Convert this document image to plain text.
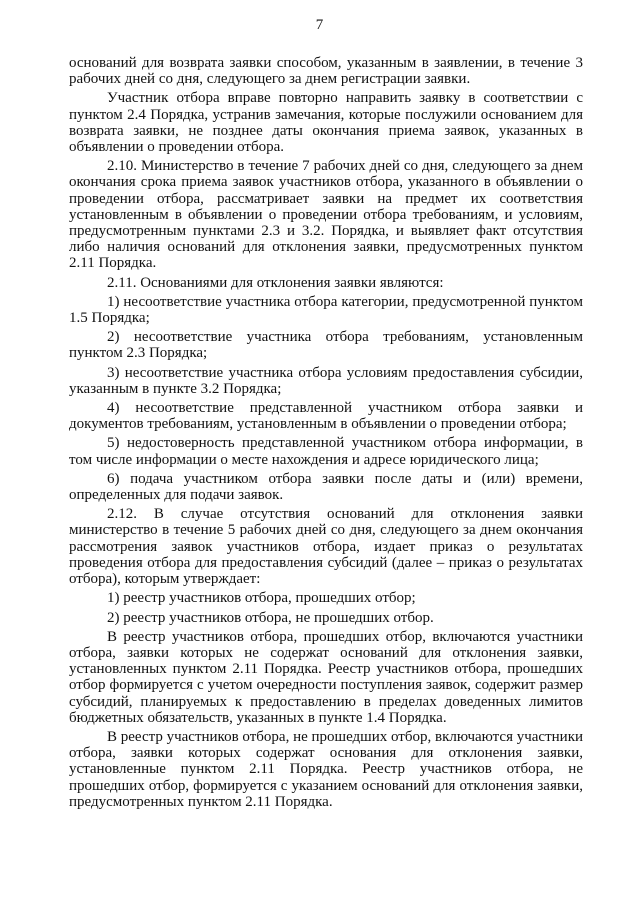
7

оснований для возврата заявки способом, указанным в заявлении, в течение 3 рабочих дней со дня, следующего за днем регистрации заявки.

Участник отбора вправе повторно направить заявку в соответствии с пунктом 2.4 Порядка, устранив замечания, которые послужили основанием для возврата заявки, не позднее даты окончания приема заявок, указанных в объявлении о проведении отбора.

2.10. Министерство в течение 7 рабочих дней со дня, следующего за днем окончания срока приема заявок участников отбора, указанного в объявлении о проведении отбора, рассматривает заявки на предмет их соответствия установленным в объявлении о проведении отбора требованиям, и условиям, предусмотренным пунктами 2.3 и 3.2. Порядка, и выявляет факт отсутствия либо наличия оснований для отклонения заявки, предусмотренных пунктом 2.11 Порядка.

2.11. Основаниями для отклонения заявки являются:

1) несоответствие участника отбора категории, предусмотренной пунктом 1.5 Порядка;

2) несоответствие участника отбора требованиям, установленным пунктом 2.3 Порядка;

3) несоответствие участника отбора условиям предоставления субсидии, указанным в пункте 3.2 Порядка;

4) несоответствие представленной участником отбора заявки и документов требованиям, установленным в объявлении о проведении отбора;

5) недостоверность представленной участником отбора информации, в том числе информации о месте нахождения и адресе юридического лица;

6) подача участником отбора заявки после даты и (или) времени, определенных для подачи заявок.

2.12. В случае отсутствия оснований для отклонения заявки министерство в течение 5 рабочих дней со дня, следующего за днем окончания рассмотрения заявок участников отбора, издает приказ о результатах проведения отбора для предоставления субсидий (далее – приказ о результатах отбора), которым утверждает:

1) реестр участников отбора, прошедших отбор;

2) реестр участников отбора, не прошедших отбор.

В реестр участников отбора, прошедших отбор, включаются участники отбора, заявки которых не содержат оснований для отклонения заявки, установленных пунктом 2.11 Порядка. Реестр участников отбора, прошедших отбор формируется с учетом очередности поступления заявок, содержит размер субсидий, планируемых к предоставлению в пределах доведенных лимитов бюджетных обязательств, указанных в пункте 1.4 Порядка.

В реестр участников отбора, не прошедших отбор, включаются участники отбора, заявки которых содержат основания для отклонения заявки, установленные пунктом 2.11 Порядка. Реестр участников отбора, не прошедших отбор, формируется с указанием оснований для отклонения заявки, предусмотренных пунктом 2.11 Порядка.
